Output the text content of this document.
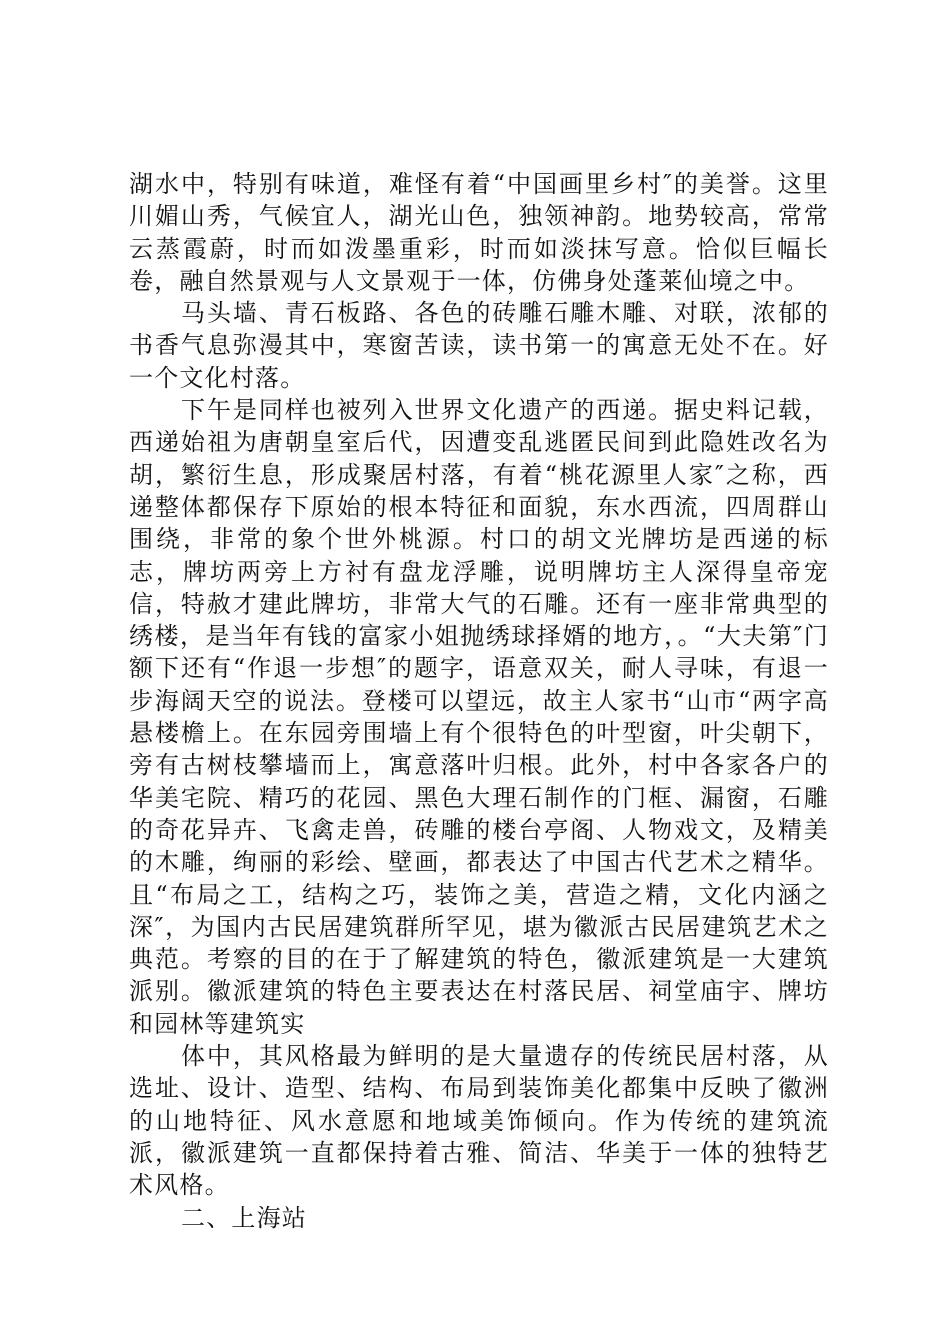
湖水中，特别有味道，难怪有着“中国画里乡村″的美誉。这里川媚山秀，气候宜人，湖光山色，独领神韵。地势较高，常常云蒸霞蔚，时而如泼墨重彩，时而如淡抹写意。恰似巨幅长卷，融自然景观与人文景观于一体，仿佛身处蓬莱仙境之中。

马头墙、青石板路、各色的砖雕石雕木雕、对联，浓郁的书香气息弥漫其中，寒窗苦读，读书第一的寓意无处不在。好一个文化村落。

下午是同样也被列入世界文化遗产的西递。据史料记载，西递始祖为唐朝皇室后代，因遭变乱逃匿民间到此隐姓改名为胡，繁衍生息，形成聚居村落，有着“桃花源里人家″之称，西递整体都保存下原始的根本特征和面貌，东水西流，四周群山围绕，非常的象个世外桃源。村口的胡文光牌坊是西递的标志，牌坊两旁上方衬有盘龙浮雕，说明牌坊主人深得皇帝宠信，特赦才建此牌坊，非常大气的石雕。还有一座非常典型的绣楼，是当年有钱的富家小姐抛绣球择婿的地方，。“大夫第″门额下还有“作退一步想″的题字，语意双关，耐人寻味，有退一步海阔天空的说法。登楼可以望远，故主人家书“山市“两字高悬楼檐上。在东园旁围墙上有个很特色的叶型窗，叶尖朝下，旁有古树枝攀墙而上，寓意落叶归根。此外，村中各家各户的华美宅院、精巧的花园、黑色大理石制作的门框、漏窗，石雕的奇花异卉、飞禽走兽，砖雕的楼台亭阁、人物戏文，及精美的木雕，绚丽的彩绘、壁画，都表达了中国古代艺术之精华。且“布局之工，结构之巧，装饰之美，营造之精，文化内涵之深″，为国内古民居建筑群所罕见，堪为徽派古民居建筑艺术之典范。考察的目的在于了解建筑的特色，徽派建筑是一大建筑派别。徽派建筑的特色主要表达在村落民居、祠堂庙宇、牌坊和园林等建筑实

体中，其风格最为鲜明的是大量遗存的传统民居村落，从选址、设计、造型、结构、布局到装饰美化都集中反映了徽洲的山地特征、风水意愿和地域美饰倾向。作为传统的建筑流派，徽派建筑一直都保持着古雅、简洁、华美于一体的独特艺术风格。

二、上海站
